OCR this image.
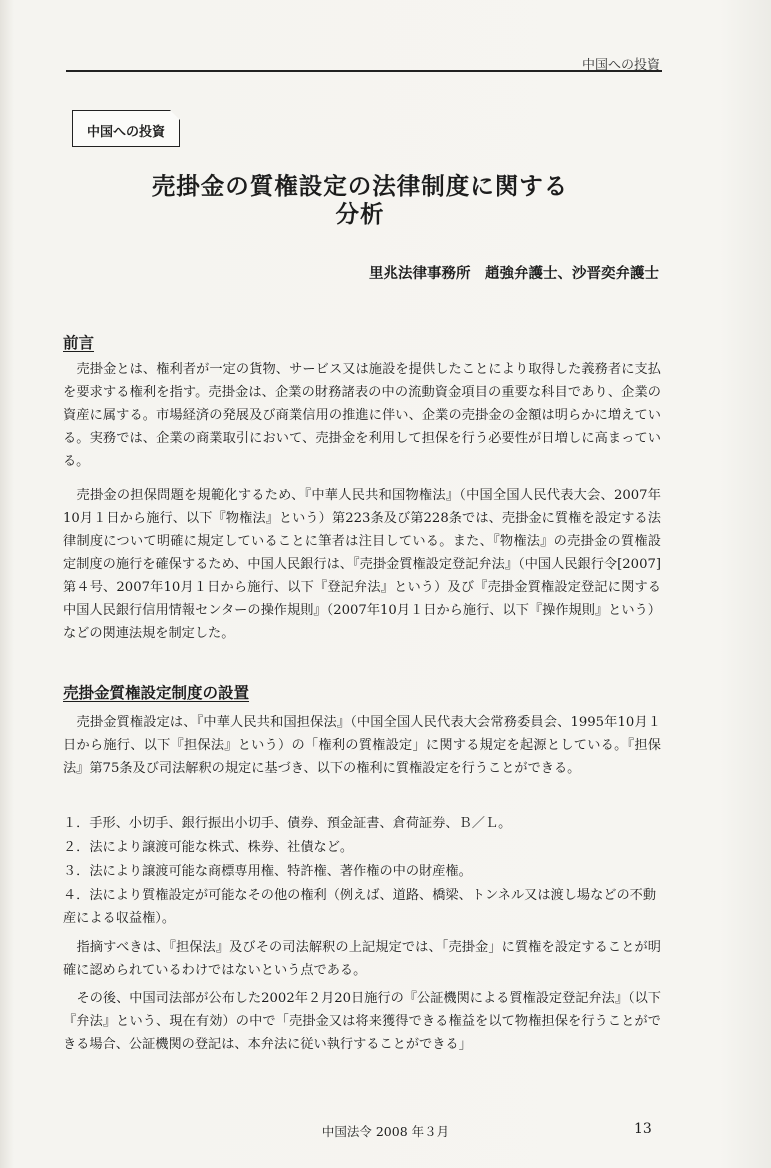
中国への投資
中国への投資
売掛金の質権設定の法律制度に関する
分析
里兆法律事務所　趙強弁護士、沙晋奕弁護士
前言

売掛金とは、権利者が一定の貨物、サービス又は施設を提供したことにより取得した義務者に支払を要求する権利を指す。売掛金は、企業の財務諸表の中の流動資金項目の重要な科目であり、企業の資産に属する。市場経済の発展及び商業信用の推進に伴い、企業の売掛金の金額は明らかに増えている。実務では、企業の商業取引において、売掛金を利用して担保を行う必要性が日増しに高まっている。

売掛金の担保問題を規範化するため、『中華人民共和国物権法』（中国全国人民代表大会、2007年10月１日から施行、以下『物権法』という）第223条及び第228条では、売掛金に質権を設定する法律制度について明確に規定していることに筆者は注目している。また、『物権法』の売掛金の質権設定制度の施行を確保するため、中国人民銀行は、『売掛金質権設定登記弁法』（中国人民銀行令[2007]第４号、2007年10月１日から施行、以下『登記弁法』という）及び『売掛金質権設定登記に関する中国人民銀行信用情報センターの操作規則』（2007年10月１日から施行、以下『操作規則』という）などの関連法規を制定した。

売掛金質権設定制度の設置

売掛金質権設定は、『中華人民共和国担保法』（中国全国人民代表大会常務委員会、1995年10月１日から施行、以下『担保法』という）の「権利の質権設定」に関する規定を起源としている。『担保法』第75条及び司法解釈の規定に基づき、以下の権利に質権設定を行うことができる。

１．手形、小切手、銀行振出小切手、債券、預金証書、倉荷証券、Ｂ／Ｌ。

２．法により譲渡可能な株式、株券、社債など。

３．法により譲渡可能な商標専用権、特許権、著作権の中の財産権。

４．法により質権設定が可能なその他の権利（例えば、道路、橋梁、トンネル又は渡し場などの不動産による収益権）。

指摘すべきは、『担保法』及びその司法解釈の上記規定では、「売掛金」に質権を設定することが明確に認められているわけではないという点である。

その後、中国司法部が公布した2002年２月20日施行の『公証機関による質権設定登記弁法』（以下『弁法』という、現在有効）の中で「売掛金又は将来獲得できる権益を以て物権担保を行うことができる場合、公証機関の登記は、本弁法に従い執行することができる」

中国法令 2008 年３月	13
